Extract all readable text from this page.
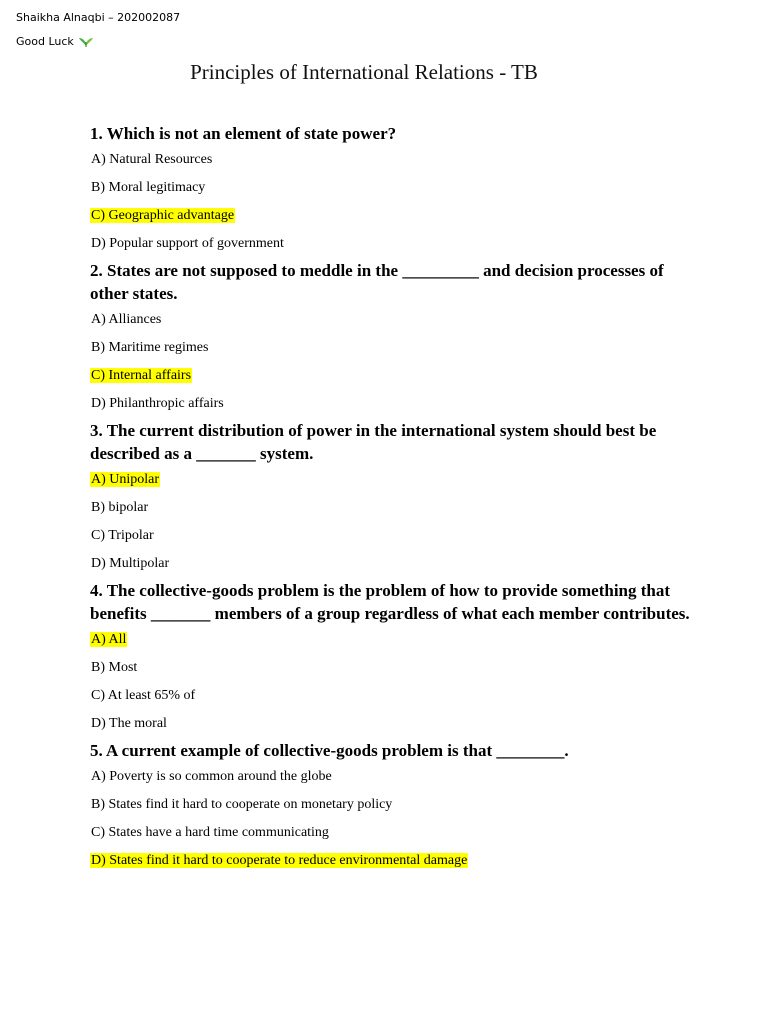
Shaikha Alnaqbi – 202002087
Good Luck
Principles of International Relations - TB
1. Which is not an element of state power?
A) Natural Resources
B) Moral legitimacy
C) Geographic advantage
D) Popular support of government
2. States are not supposed to meddle in the _________ and decision processes of other states.
A) Alliances
B) Maritime regimes
C) Internal affairs
D) Philanthropic affairs
3. The current distribution of power in the international system should best be described as a _______ system.
A) Unipolar
B) bipolar
C) Tripolar
D) Multipolar
4. The collective-goods problem is the problem of how to provide something that benefits _______ members of a group regardless of what each member contributes.
A) All
B) Most
C) At least 65% of
D) The moral
5. A current example of collective-goods problem is that ________.
A) Poverty is so common around the globe
B) States find it hard to cooperate on monetary policy
C) States have a hard time communicating
D) States find it hard to cooperate to reduce environmental damage
